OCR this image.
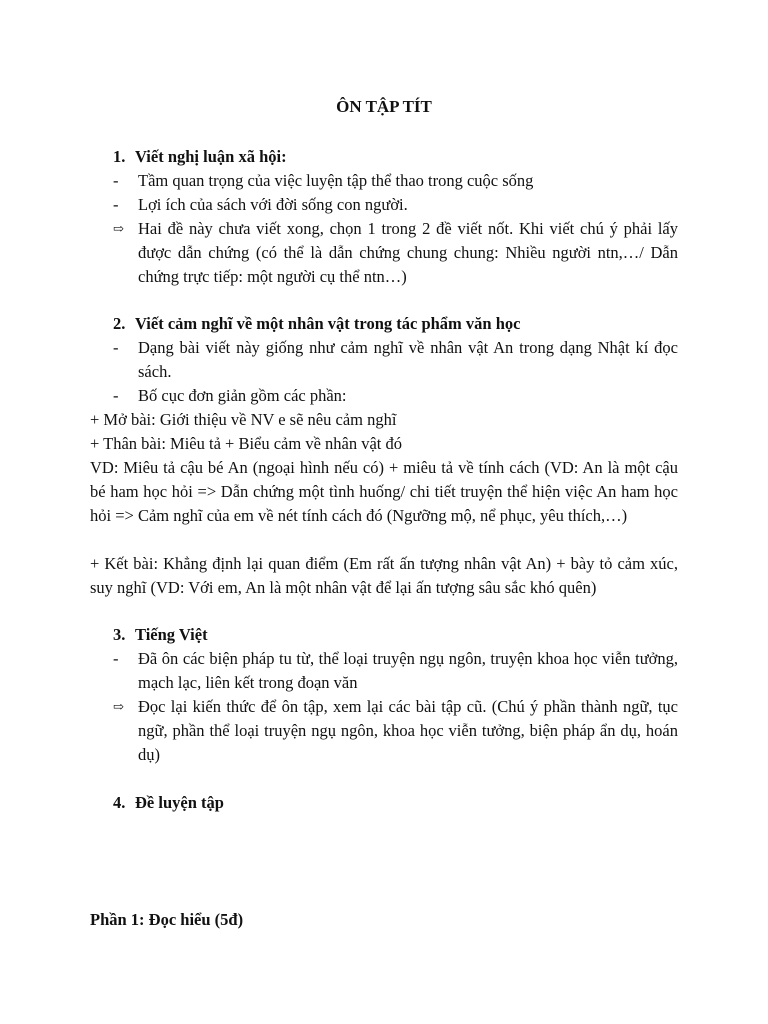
ÔN TẬP TÍT
1. Viết nghị luận xã hội:
-	Tầm quan trọng của việc luyện tập thể thao trong cuộc sống
-	Lợi ích của sách với đời sống con người.
⇨ Hai đề này chưa viết xong, chọn 1 trong 2 đề viết nốt. Khi viết chú ý phải lấy được dẫn chứng (có thể là dẫn chứng chung chung: Nhiều người ntn,…/ Dẫn chứng trực tiếp: một người cụ thể ntn…)
2. Viết cảm nghĩ về một nhân vật trong tác phẩm văn học
-	Dạng bài viết này giống như cảm nghĩ về nhân vật An trong dạng Nhật kí đọc sách.
-	Bố cục đơn giản gồm các phần:
+ Mở bài: Giới thiệu về NV e sẽ nêu cảm nghĩ
+ Thân bài: Miêu tả + Biểu cảm về nhân vật đó
VD: Miêu tả cậu bé An (ngoại hình nếu có) + miêu tả về tính cách (VD: An là một cậu bé ham học hỏi => Dẫn chứng một tình huống/ chi tiết truyện thể hiện việc An ham học hỏi => Cảm nghĩ của em về nét tính cách đó (Ngưỡng mộ, nể phục, yêu thích,…)
+ Kết bài: Khẳng định lại quan điểm (Em rất ấn tượng nhân vật An) + bày tỏ cảm xúc, suy nghĩ (VD: Với em, An là một nhân vật để lại ấn tượng sâu sắc khó quên)
3. Tiếng Việt
-	Đã ôn các biện pháp tu từ, thể loại truyện ngụ ngôn, truyện khoa học viễn tưởng, mạch lạc, liên kết trong đoạn văn
⇨ Đọc lại kiến thức để ôn tập, xem lại các bài tập cũ. (Chú ý phần thành ngữ, tục ngữ, phần thể loại truyện ngụ ngôn, khoa học viễn tưởng, biện pháp ẩn dụ, hoán dụ)
4. Đề luyện tập
Phần 1: Đọc hiểu (5đ)
